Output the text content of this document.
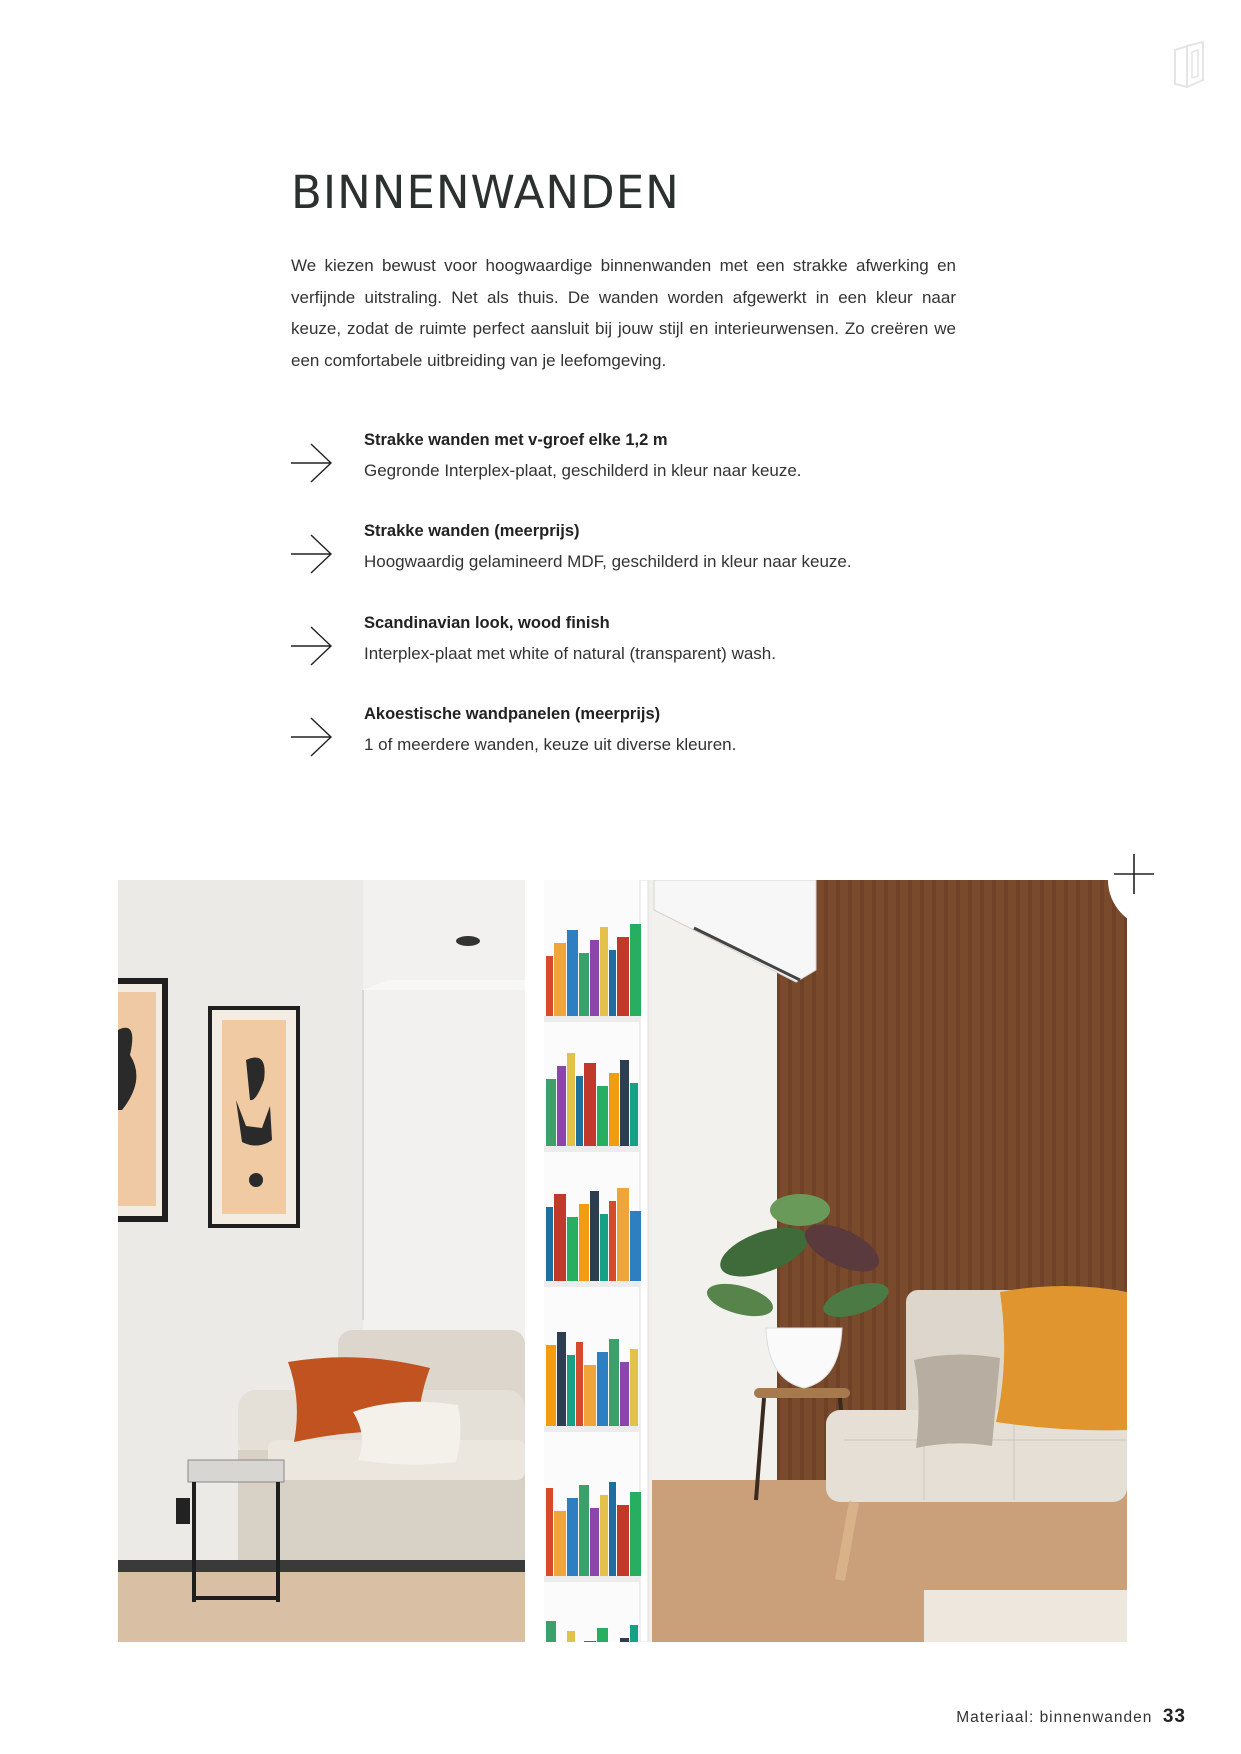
BINNENWANDEN

We kiezen bewust voor hoogwaardige binnenwanden met een strakke afwerking en verfijnde uitstraling. Net als thuis. De wanden worden afgewerkt in een kleur naar keuze, zodat de ruimte perfect aansluit bij jouw stijl en interieurwensen. Zo creëren we een comfortabele uitbreiding van je leefomgeving.

Strakke wanden met v-groef elke 1,2 m
Gegronde Interplex-plaat, geschilderd in kleur naar keuze.
Strakke wanden (meerprijs)
Hoogwaardig gelamineerd MDF, geschilderd in kleur naar keuze.
Scandinavian look, wood finish
Interplex-plaat met white of natural (transparent) wash.
Akoestische wandpanelen (meerprijs)
1 of meerdere wanden, keuze uit diverse kleuren.
Materiaal: binnenwanden 33
